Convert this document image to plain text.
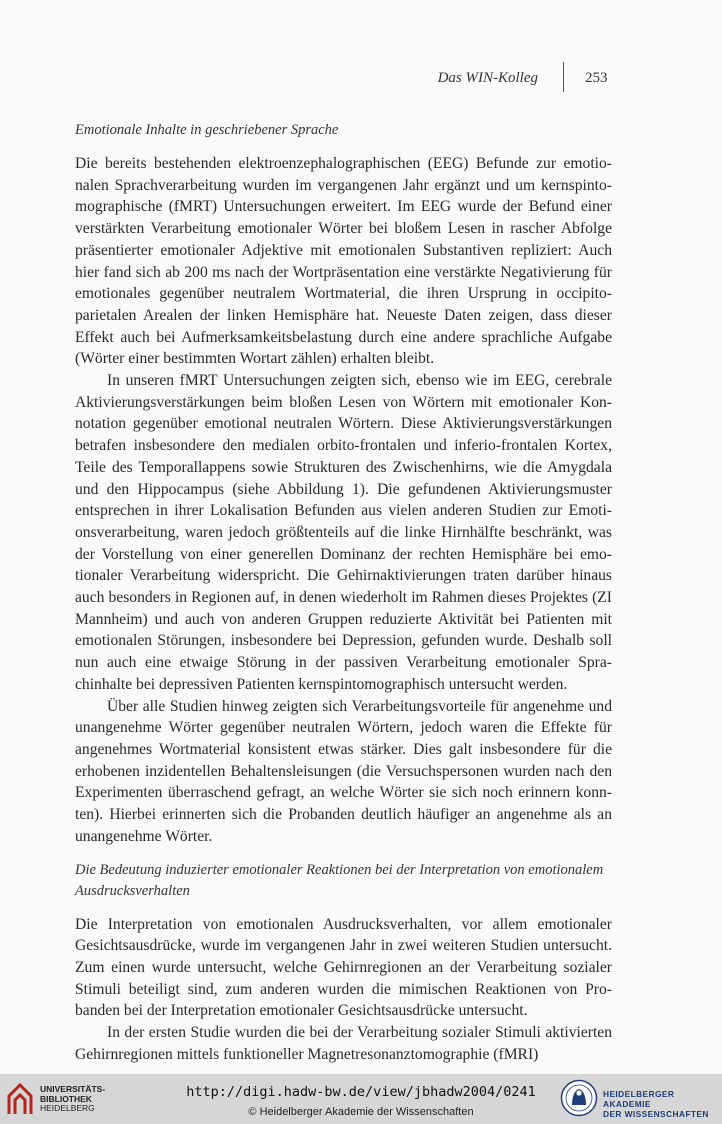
Das WIN-Kolleg	253

Emotionale Inhalte in geschriebener Sprache

Die bereits bestehenden elektroenzephalographischen (EEG) Befunde zur emotionalen Sprachverarbeitung wurden im vergangenen Jahr ergänzt und um kernspintomographische (fMRT) Untersuchungen erweitert. Im EEG wurde der Befund einer verstärkten Verarbeitung emotionaler Wörter bei bloßem Lesen in rascher Abfolge präsentierter emotionaler Adjektive mit emotionalen Substantiven repliziert: Auch hier fand sich ab 200 ms nach der Wortpräsentation eine verstärkte Negativierung für emotionales gegenüber neutralem Wortmaterial, die ihren Ursprung in occipitoparietalen Arealen der linken Hemisphäre hat. Neueste Daten zeigen, dass dieser Effekt auch bei Aufmerksamkeitsbelastung durch eine andere sprachliche Aufgabe (Wörter einer bestimmten Wortart zählen) erhalten bleibt.

In unseren fMRT Untersuchungen zeigten sich, ebenso wie im EEG, cerebrale Aktivierungsverstärkungen beim bloßen Lesen von Wörtern mit emotionaler Konnotation gegenüber emotional neutralen Wörtern. Diese Aktivierungsverstärkungen betrafen insbesondere den medialen orbito-frontalen und inferio-frontalen Kortex, Teile des Temporallappens sowie Strukturen des Zwischenhirns, wie die Amygdala und den Hippocampus (siehe Abbildung 1). Die gefundenen Aktivierungsmuster entsprechen in ihrer Lokalisation Befunden aus vielen anderen Studien zur Emotionsverarbeitung, waren jedoch größtenteils auf die linke Hirnhälfte beschränkt, was der Vorstellung von einer generellen Dominanz der rechten Hemisphäre bei emotionaler Verarbeitung widerspricht. Die Gehirnaktivierungen traten darüber hinaus auch besonders in Regionen auf, in denen wiederholt im Rahmen dieses Projektes (ZI Mannheim) und auch von anderen Gruppen reduzierte Aktivität bei Patienten mit emotionalen Störungen, insbesondere bei Depression, gefunden wurde. Deshalb soll nun auch eine etwaige Störung in der passiven Verarbeitung emotionaler Sprachinhalte bei depressiven Patienten kernspintomographisch untersucht werden.

Über alle Studien hinweg zeigten sich Verarbeitungsvorteile für angenehme und unangenehme Wörter gegenüber neutralen Wörtern, jedoch waren die Effekte für angenehmes Wortmaterial konsistent etwas stärker. Dies galt insbesondere für die erhobenen inzidentellen Behaltensleisungen (die Versuchspersonen wurden nach den Experimenten überraschend gefragt, an welche Wörter sie sich noch erinnern konnten). Hierbei erinnerten sich die Probanden deutlich häufiger an angenehme als an unangenehme Wörter.

Die Bedeutung induzierter emotionaler Reaktionen bei der Interpretation von emotionalem Ausdrucksverhalten

Die Interpretation von emotionalen Ausdrucksverhalten, vor allem emotionaler Gesichtsausdrücke, wurde im vergangenen Jahr in zwei weiteren Studien untersucht. Zum einen wurde untersucht, welche Gehirnregionen an der Verarbeitung sozialer Stimuli beteiligt sind, zum anderen wurden die mimischen Reaktionen von Probanden bei der Interpretation emotionaler Gesichtsausdrücke untersucht.

In der ersten Studie wurden die bei der Verarbeitung sozialer Stimuli aktivierten Gehirnregionen mittels funktioneller Magnetresonanztomographie (fMRI)

UNIVERSITÄTS-
BIBLIOTHEK
HEIDELBERG
http://digi.hadw-bw.de/view/jbhadw2004/0241
© Heidelberger Akademie der Wissenschaften
HEIDELBERGER AKADEMIE
DER WISSENSCHAFTEN
